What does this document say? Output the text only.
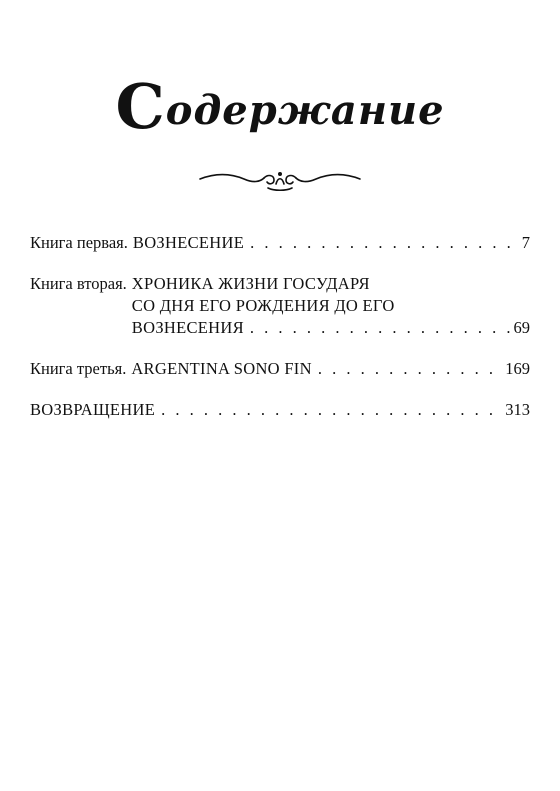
Содержание
Книга первая. ВОЗНЕСЕНИЕ . . .	7
Книга вторая. ХРОНИКА ЖИЗНИ ГОСУДАРЯ
СО ДНЯ ЕГО РОЖДЕНИЯ ДО ЕГО
ВОЗНЕСЕНИЯ . . .	69
Книга третья. ARGENTINA SONO FIN . . .	169
ВОЗВРАЩЕНИЕ . . .	313
